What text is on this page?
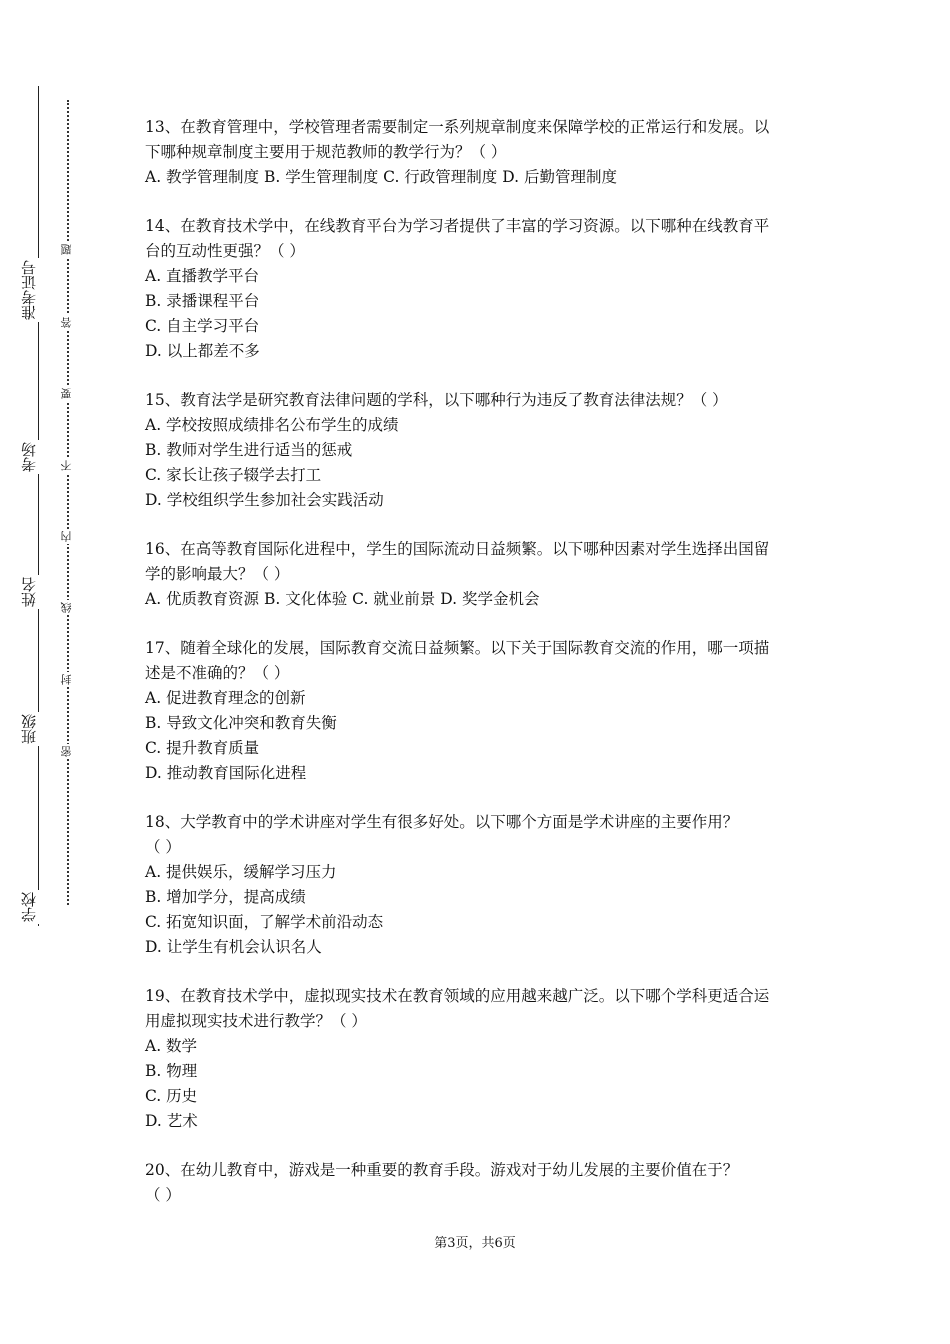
准考证号
考场
姓名
班级
学校
题
答
要
不
内
线
封
密
13、在教育管理中，学校管理者需要制定一系列规章制度来保障学校的正常运行和发展。以
下哪种规章制度主要用于规范教师的教学行为？（ ）
A. 教学管理制度 B. 学生管理制度 C. 行政管理制度 D. 后勤管理制度
14、在教育技术学中，在线教育平台为学习者提供了丰富的学习资源。以下哪种在线教育平
台的互动性更强？（ ）
A. 直播教学平台
B. 录播课程平台
C. 自主学习平台
D. 以上都差不多
15、教育法学是研究教育法律问题的学科，以下哪种行为违反了教育法律法规？（ ）
A. 学校按照成绩排名公布学生的成绩
B. 教师对学生进行适当的惩戒
C. 家长让孩子辍学去打工
D. 学校组织学生参加社会实践活动
16、在高等教育国际化进程中，学生的国际流动日益频繁。以下哪种因素对学生选择出国留
学的影响最大？（ ）
A. 优质教育资源 B. 文化体验 C. 就业前景 D. 奖学金机会
17、随着全球化的发展，国际教育交流日益频繁。以下关于国际教育交流的作用，哪一项描
述是不准确的？（ ）
A. 促进教育理念的创新
B. 导致文化冲突和教育失衡
C. 提升教育质量
D. 推动教育国际化进程
18、大学教育中的学术讲座对学生有很多好处。以下哪个方面是学术讲座的主要作用？
（ ）
A. 提供娱乐，缓解学习压力
B. 增加学分，提高成绩
C. 拓宽知识面，了解学术前沿动态
D. 让学生有机会认识名人
19、在教育技术学中，虚拟现实技术在教育领域的应用越来越广泛。以下哪个学科更适合运
用虚拟现实技术进行教学？（ ）
A. 数学
B. 物理
C. 历史
D. 艺术
20、在幼儿教育中，游戏是一种重要的教育手段。游戏对于幼儿发展的主要价值在于？
（ ）
第3页，共6页
